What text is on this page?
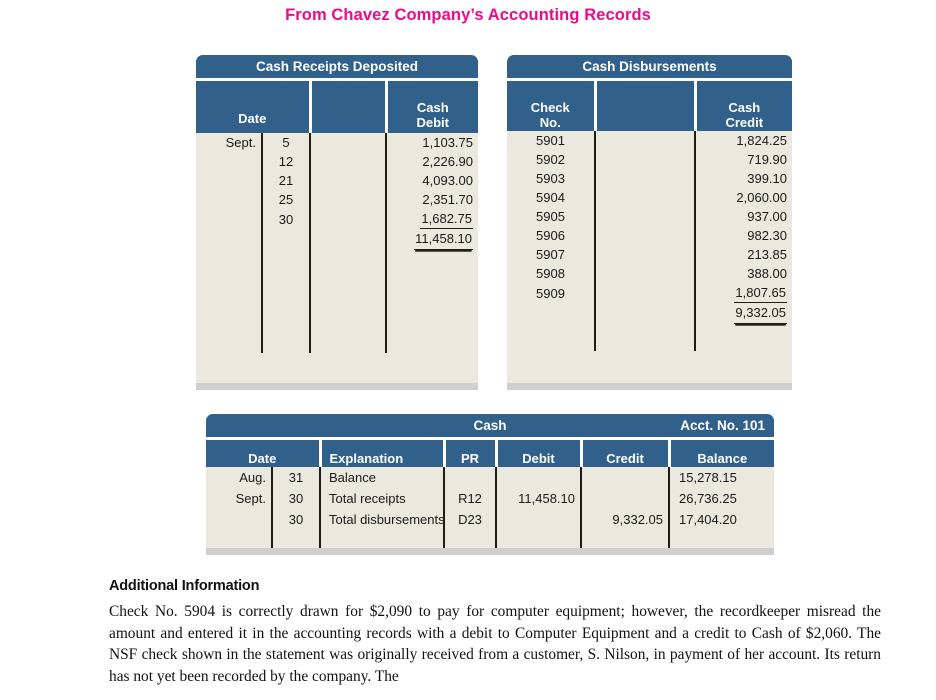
From Chavez Company’s Accounting Records
Cash Receipts Deposited
Date			Cash
Debit

Sept.	5		1,103.75
	12		2,226.90
	21		4,093.00
	25		2,351.70
	30		1,682.75
			11,458.10

Cash Disbursements
Check
No.

Cash
Credit

5901		1,824.25
5902		719.90
5903		399.10
5904		2,060.00
5905		937.00
5906		982.30
5907		213.85
5908		388.00
5909		1,807.65
		9,332.05

Cash	Acct. No. 101
Date		Explanation	PR	Debit	Credit	Balance
Aug.	31	Balance				15,278.15
Sept.	30	Total receipts	R12	11,458.10		26,736.25
	30	Total disbursements	D23		9,332.05	17,404.20

Additional Information
Check No. 5904 is correctly drawn for $2,090 to pay for computer equipment; however, the recordkeeper misread the amount and entered it in the accounting records with a debit to Computer Equipment and a credit to Cash of $2,060. The NSF check shown in the statement was originally received from a customer, S. Nilson, in payment of her account. Its return has not yet been recorded by the company. The
